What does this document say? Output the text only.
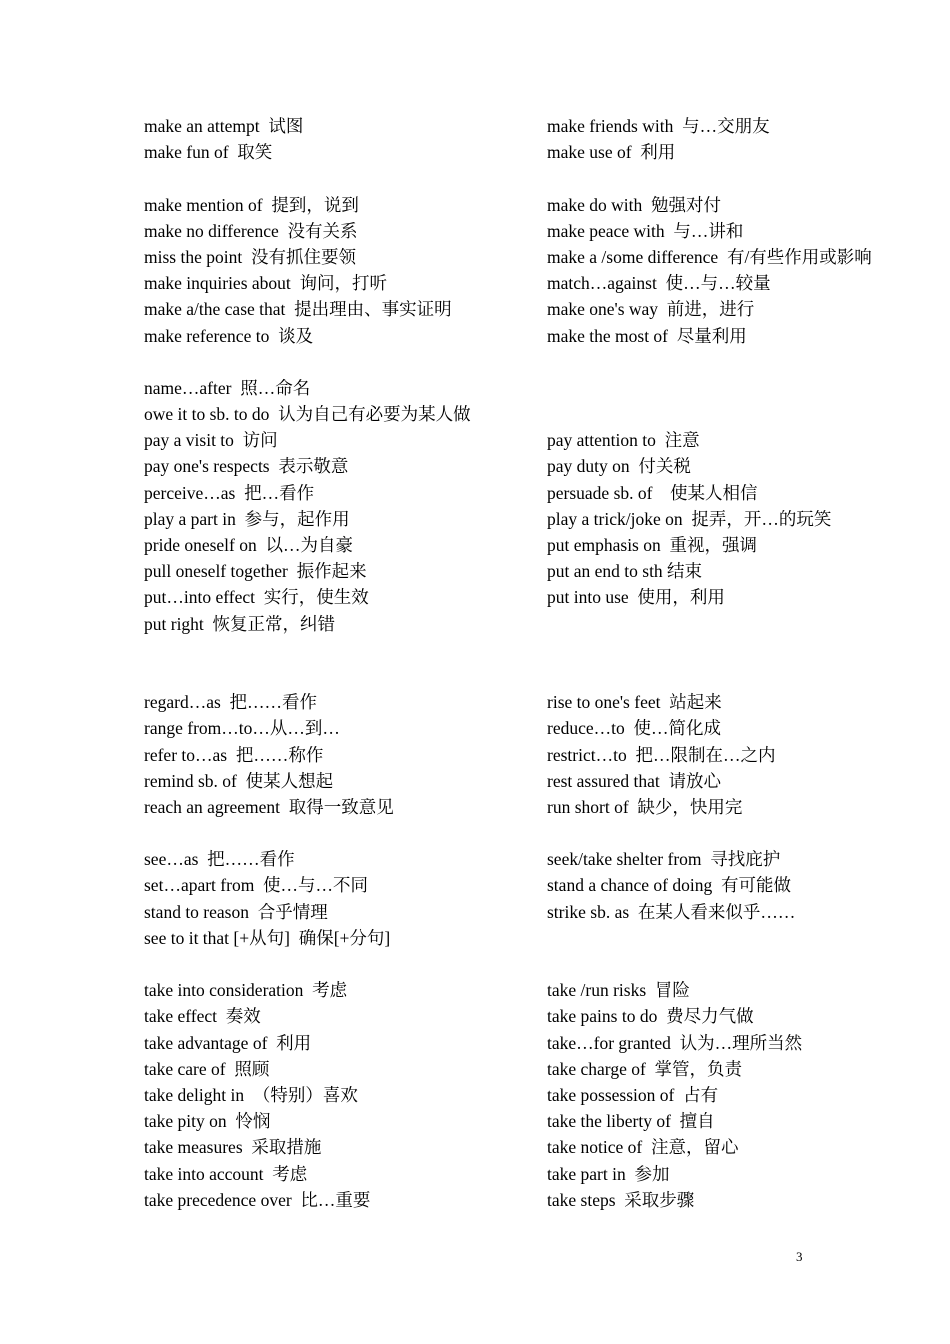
make an attempt  试图
make fun of  取笑
make mention of  提到，说到
make no difference  没有关系
miss the point  没有抓住要领
make inquiries about  询问，打听
make a/the case that  提出理由、事实证明
make reference to  谈及
name…after  照…命名
owe it to sb. to do  认为自己有必要为某人做
pay a visit to  访问
pay one's respects  表示敬意
perceive…as  把…看作
play a part in  参与，起作用
pride oneself on  以…为自豪
pull oneself together  振作起来
put…into effect  实行，使生效
put right  恢复正常，纠错
regard…as  把……看作
range from…to…从…到…
refer to…as  把……称作
remind sb. of  使某人想起
reach an agreement  取得一致意见
see…as  把……看作
set…apart from  使…与…不同
stand to reason  合乎情理
see to it that [+从句]  确保[+分句]
take into consideration  考虑
take effect  奏效
take advantage of  利用
take care of  照顾
take delight in  （特别）喜欢
take pity on  怜悯
take measures  采取措施
take into account  考虑
take precedence over  比…重要
make friends with  与…交朋友
make use of  利用
make do with  勉强对付
make peace with  与…讲和
make a /some difference  有/有些作用或影响
match…against  使…与…较量
make one's way  前进，进行
make the most of  尽量利用
pay attention to  注意
pay duty on  付关税
persuade sb. of    使某人相信
play a trick/joke on  捉弄，开…的玩笑
put emphasis on  重视，强调
put an end to sth 结束
put into use  使用，利用
rise to one's feet  站起来
reduce…to  使…简化成
restrict…to  把…限制在…之内
rest assured that  请放心
run short of  缺少，快用完
seek/take shelter from  寻找庇护
stand a chance of doing  有可能做
strike sb. as  在某人看来似乎……
take /run risks  冒险
take pains to do  费尽力气做
take…for granted  认为…理所当然
take charge of  掌管，负责
take possession of  占有
take the liberty of  擅自
take notice of  注意，留心
take part in  参加
take steps  采取步骤
3
